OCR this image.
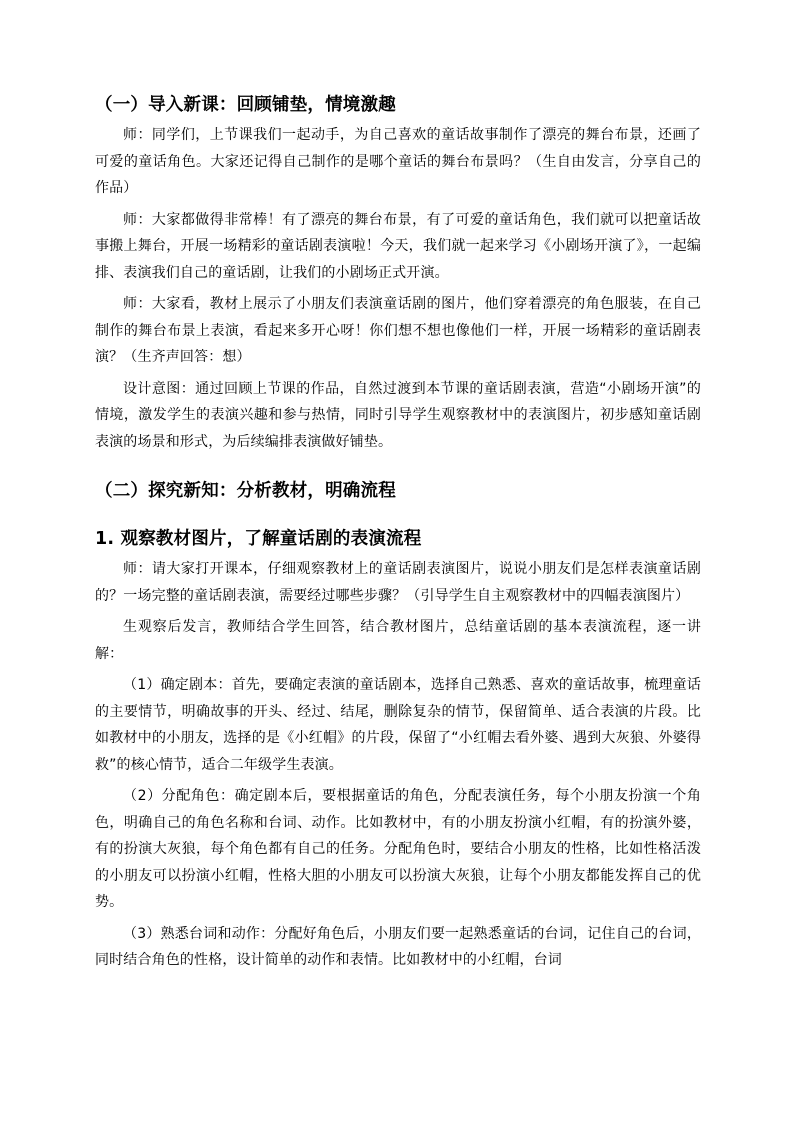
（一）导入新课：回顾铺垫，情境激趣

师：同学们，上节课我们一起动手，为自己喜欢的童话故事制作了漂亮的舞台布景，还画了可爱的童话角色。大家还记得自己制作的是哪个童话的舞台布景吗？（生自由发言，分享自己的作品）

师：大家都做得非常棒！有了漂亮的舞台布景，有了可爱的童话角色，我们就可以把童话故事搬上舞台，开展一场精彩的童话剧表演啦！今天，我们就一起来学习《小剧场开演了》，一起编排、表演我们自己的童话剧，让我们的小剧场正式开演。

师：大家看，教材上展示了小朋友们表演童话剧的图片，他们穿着漂亮的角色服装，在自己制作的舞台布景上表演，看起来多开心呀！你们想不想也像他们一样，开展一场精彩的童话剧表演？（生齐声回答：想）

设计意图：通过回顾上节课的作品，自然过渡到本节课的童话剧表演，营造“小剧场开演”的情境，激发学生的表演兴趣和参与热情，同时引导学生观察教材中的表演图片，初步感知童话剧表演的场景和形式，为后续编排表演做好铺垫。

（二）探究新知：分析教材，明确流程
1. 观察教材图片，了解童话剧的表演流程

师：请大家打开课本，仔细观察教材上的童话剧表演图片，说说小朋友们是怎样表演童话剧的？一场完整的童话剧表演，需要经过哪些步骤？（引导学生自主观察教材中的四幅表演图片）

生观察后发言，教师结合学生回答，结合教材图片，总结童话剧的基本表演流程，逐一讲解：

（1）确定剧本：首先，要确定表演的童话剧本，选择自己熟悉、喜欢的童话故事，梳理童话的主要情节，明确故事的开头、经过、结尾，删除复杂的情节，保留简单、适合表演的片段。比如教材中的小朋友，选择的是《小红帽》的片段，保留了“小红帽去看外婆、遇到大灰狼、外婆得救”的核心情节，适合二年级学生表演。

（2）分配角色：确定剧本后，要根据童话的角色，分配表演任务，每个小朋友扮演一个角色，明确自己的角色名称和台词、动作。比如教材中，有的小朋友扮演小红帽，有的扮演外婆，有的扮演大灰狼，每个角色都有自己的任务。分配角色时，要结合小朋友的性格，比如性格活泼的小朋友可以扮演小红帽，性格大胆的小朋友可以扮演大灰狼，让每个小朋友都能发挥自己的优势。

（3）熟悉台词和动作：分配好角色后，小朋友们要一起熟悉童话的台词，记住自己的台词，同时结合角色的性格，设计简单的动作和表情。比如教材中的小红帽，台词
